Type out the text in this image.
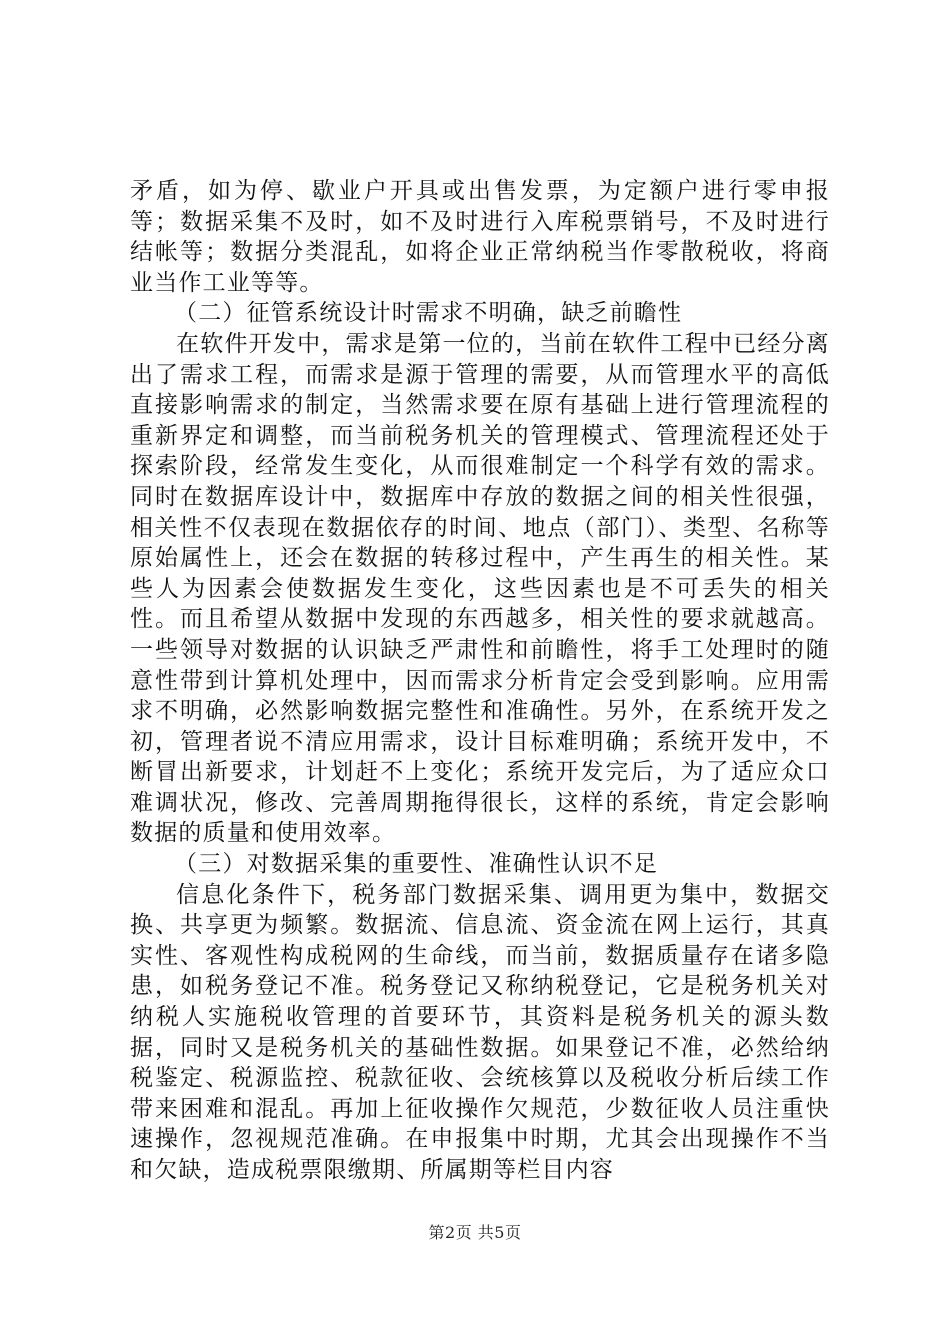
矛盾，如为停、歇业户开具或出售发票，为定额户进行零申报等；数据采集不及时，如不及时进行入库税票销号，不及时进行结帐等；数据分类混乱，如将企业正常纳税当作零散税收，将商业当作工业等等。

（二）征管系统设计时需求不明确，缺乏前瞻性

在软件开发中，需求是第一位的，当前在软件工程中已经分离出了需求工程，而需求是源于管理的需要，从而管理水平的高低直接影响需求的制定，当然需求要在原有基础上进行管理流程的重新界定和调整，而当前税务机关的管理模式、管理流程还处于探索阶段，经常发生变化，从而很难制定一个科学有效的需求。同时在数据库设计中，数据库中存放的数据之间的相关性很强，相关性不仅表现在数据依存的时间、地点（部门）、类型、名称等原始属性上，还会在数据的转移过程中，产生再生的相关性。某些人为因素会使数据发生变化，这些因素也是不可丢失的相关性。而且希望从数据中发现的东西越多，相关性的要求就越高。一些领导对数据的认识缺乏严肃性和前瞻性，将手工处理时的随意性带到计算机处理中，因而需求分析肯定会受到影响。应用需求不明确，必然影响数据完整性和准确性。另外，在系统开发之初，管理者说不清应用需求，设计目标难明确；系统开发中，不断冒出新要求，计划赶不上变化；系统开发完后，为了适应众口难调状况，修改、完善周期拖得很长，这样的系统，肯定会影响数据的质量和使用效率。

（三）对数据采集的重要性、准确性认识不足

信息化条件下，税务部门数据采集、调用更为集中，数据交换、共享更为频繁。数据流、信息流、资金流在网上运行，其真实性、客观性构成税网的生命线，而当前，数据质量存在诸多隐患，如税务登记不准。税务登记又称纳税登记，它是税务机关对纳税人实施税收管理的首要环节，其资料是税务机关的源头数据，同时又是税务机关的基础性数据。如果登记不准，必然给纳税鉴定、税源监控、税款征收、会统核算以及税收分析后续工作带来困难和混乱。再加上征收操作欠规范，少数征收人员注重快速操作，忽视规范准确。在申报集中时期，尤其会出现操作不当和欠缺，造成税票限缴期、所属期等栏目内容

第2页 共5页
